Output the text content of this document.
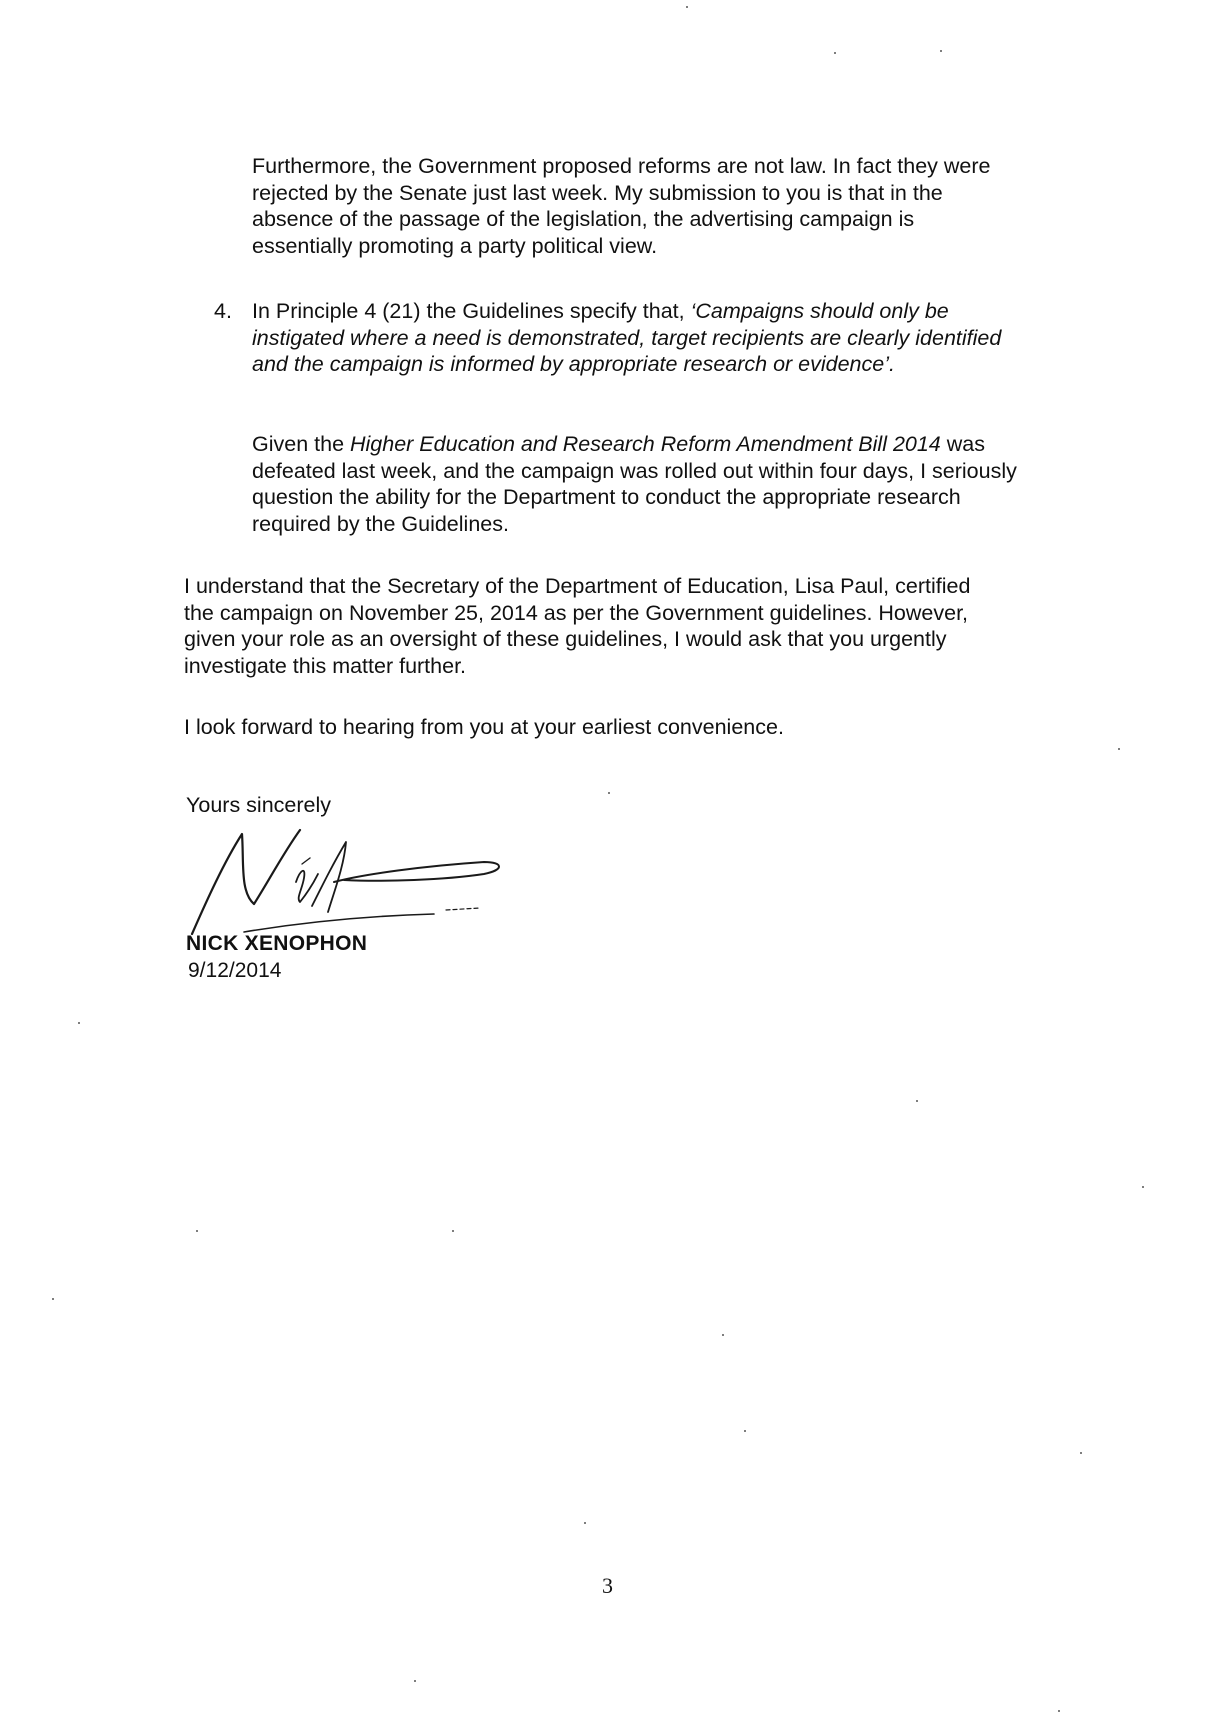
Furthermore, the Government proposed reforms are not law. In fact they were rejected by the Senate just last week. My submission to you is that in the absence of the passage of the legislation, the advertising campaign is essentially promoting a party political view.

4. In Principle 4 (21) the Guidelines specify that, ‘Campaigns should only be instigated where a need is demonstrated, target recipients are clearly identified and the campaign is informed by appropriate research or evidence’.

Given the Higher Education and Research Reform Amendment Bill 2014 was defeated last week, and the campaign was rolled out within four days, I seriously question the ability for the Department to conduct the appropriate research required by the Guidelines.

I understand that the Secretary of the Department of Education, Lisa Paul, certified the campaign on November 25, 2014 as per the Government guidelines. However, given your role as an oversight of these guidelines, I would ask that you urgently investigate this matter further.

I look forward to hearing from you at your earliest convenience.

Yours sincerely

NICK XENOPHON
9/12/2014
3
